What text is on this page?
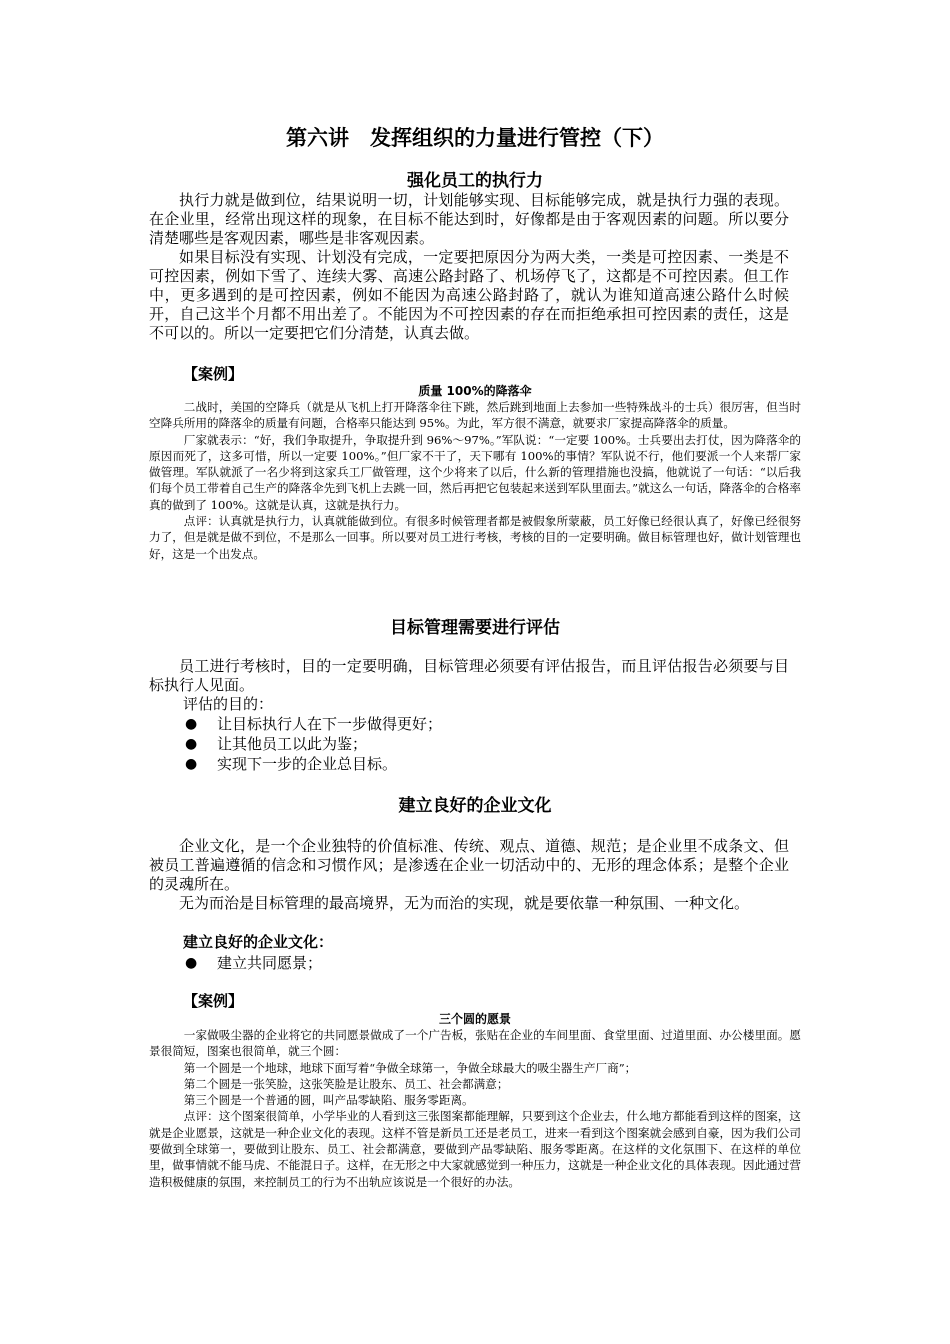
第六讲　发挥组织的力量进行管控（下）
强化员工的执行力

执行力就是做到位，结果说明一切，计划能够实现、目标能够完成，就是执行力强的表现。在企业里，经常出现这样的现象，在目标不能达到时，好像都是由于客观因素的问题。所以要分清楚哪些是客观因素，哪些是非客观因素。

如果目标没有实现、计划没有完成，一定要把原因分为两大类，一类是可控因素、一类是不可控因素，例如下雪了、连续大雾、高速公路封路了、机场停飞了，这都是不可控因素。但工作中，更多遇到的是可控因素，例如不能因为高速公路封路了，就认为谁知道高速公路什么时候开，自己这半个月都不用出差了。不能因为不可控因素的存在而拒绝承担可控因素的责任，这是不可以的。所以一定要把它们分清楚，认真去做。

【案例】
质量 100%的降落伞

二战时，美国的空降兵（就是从飞机上打开降落伞往下跳，然后跳到地面上去参加一些特殊战斗的士兵）很厉害，但当时空降兵所用的降落伞的质量有问题，合格率只能达到 95%。为此，军方很不满意，就要求厂家提高降落伞的质量。

厂家就表示：“好，我们争取提升，争取提升到 96%～97%。”军队说：“一定要 100%。士兵要出去打仗，因为降落伞的原因而死了，这多可惜，所以一定要 100%。”但厂家不干了，天下哪有 100%的事情？军队说不行，他们要派一个人来帮厂家做管理。军队就派了一名少将到这家兵工厂做管理，这个少将来了以后，什么新的管理措施也没搞，他就说了一句话：“以后我们每个员工带着自己生产的降落伞先到飞机上去跳一回，然后再把它包装起来送到军队里面去。”就这么一句话，降落伞的合格率真的做到了 100%。这就是认真，这就是执行力。

点评：认真就是执行力，认真就能做到位。有很多时候管理者都是被假象所蒙蔽，员工好像已经很认真了，好像已经很努力了，但是就是做不到位，不是那么一回事。所以要对员工进行考核，考核的目的一定要明确。做目标管理也好，做计划管理也好，这是一个出发点。

目标管理需要进行评估

员工进行考核时，目的一定要明确，目标管理必须要有评估报告，而且评估报告必须要与目标执行人见面。

评估的目的：
● 让目标执行人在下一步做得更好；
● 让其他员工以此为鉴；
● 实现下一步的企业总目标。
建立良好的企业文化

企业文化，是一个企业独特的价值标准、传统、观点、道德、规范；是企业里不成条文、但被员工普遍遵循的信念和习惯作风；是渗透在企业一切活动中的、无形的理念体系；是整个企业的灵魂所在。

无为而治是目标管理的最高境界，无为而治的实现，就是要依靠一种氛围、一种文化。

建立良好的企业文化：
● 建立共同愿景；
【案例】
三个圆的愿景

一家做吸尘器的企业将它的共同愿景做成了一个广告板，张贴在企业的车间里面、食堂里面、过道里面、办公楼里面。愿景很简短，图案也很简单，就三个圆：

第一个圆是一个地球，地球下面写着“争做全球第一，争做全球最大的吸尘器生产厂商”；

第二个圆是一张笑脸，这张笑脸是让股东、员工、社会都满意；

第三个圆是一个普通的圆，叫产品零缺陷、服务零距离。

点评：这个图案很简单，小学毕业的人看到这三张图案都能理解，只要到这个企业去，什么地方都能看到这样的图案，这就是企业愿景，这就是一种企业文化的表现。这样不管是新员工还是老员工，进来一看到这个图案就会感到自豪，因为我们公司要做到全球第一，要做到让股东、员工、社会都满意，要做到产品零缺陷、服务零距离。在这样的文化氛围下、在这样的单位里，做事情就不能马虎、不能混日子。这样，在无形之中大家就感觉到一种压力，这就是一种企业文化的具体表现。因此通过营造积极健康的氛围，来控制员工的行为不出轨应该说是一个很好的办法。
